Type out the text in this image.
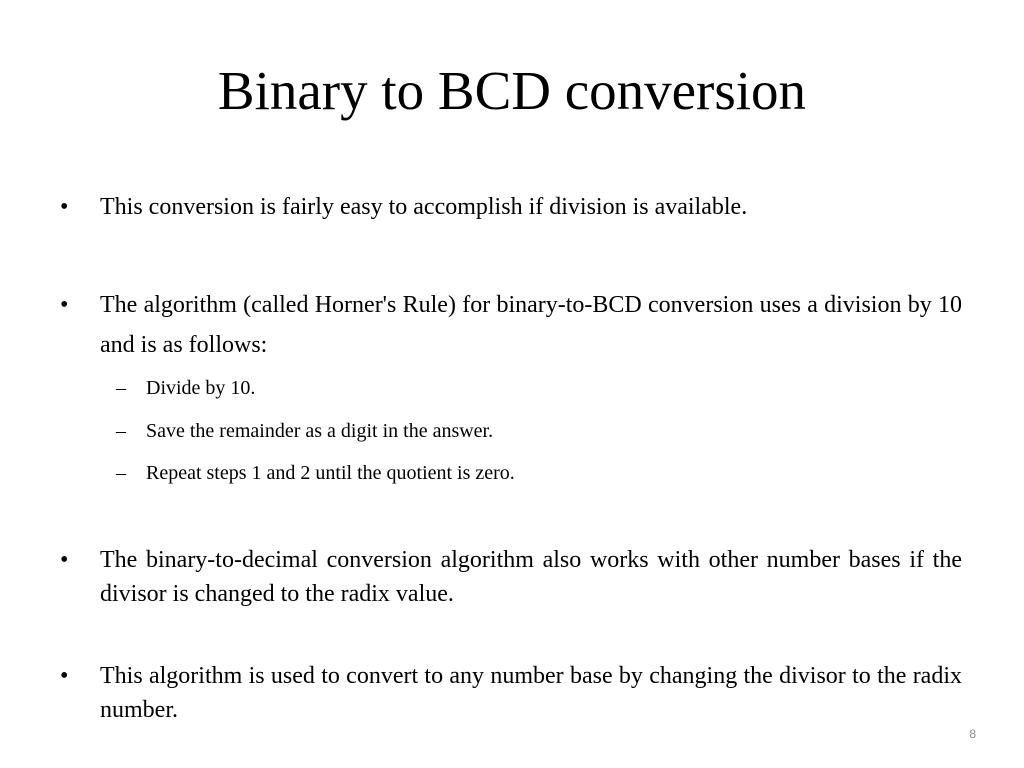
Binary to BCD conversion
• This conversion is fairly easy to accomplish if division is available.
• The algorithm (called Horner's Rule) for binary-to-BCD conversion uses a division by 10 and is as follows:
– Divide by 10.
– Save the remainder as a digit in the answer.
– Repeat steps 1 and 2 until the quotient is zero.
• The binary-to-decimal conversion algorithm also works with other number bases if the divisor is changed to the radix value.
• This algorithm is used to convert to any number base by changing the divisor to the radix number.
8
